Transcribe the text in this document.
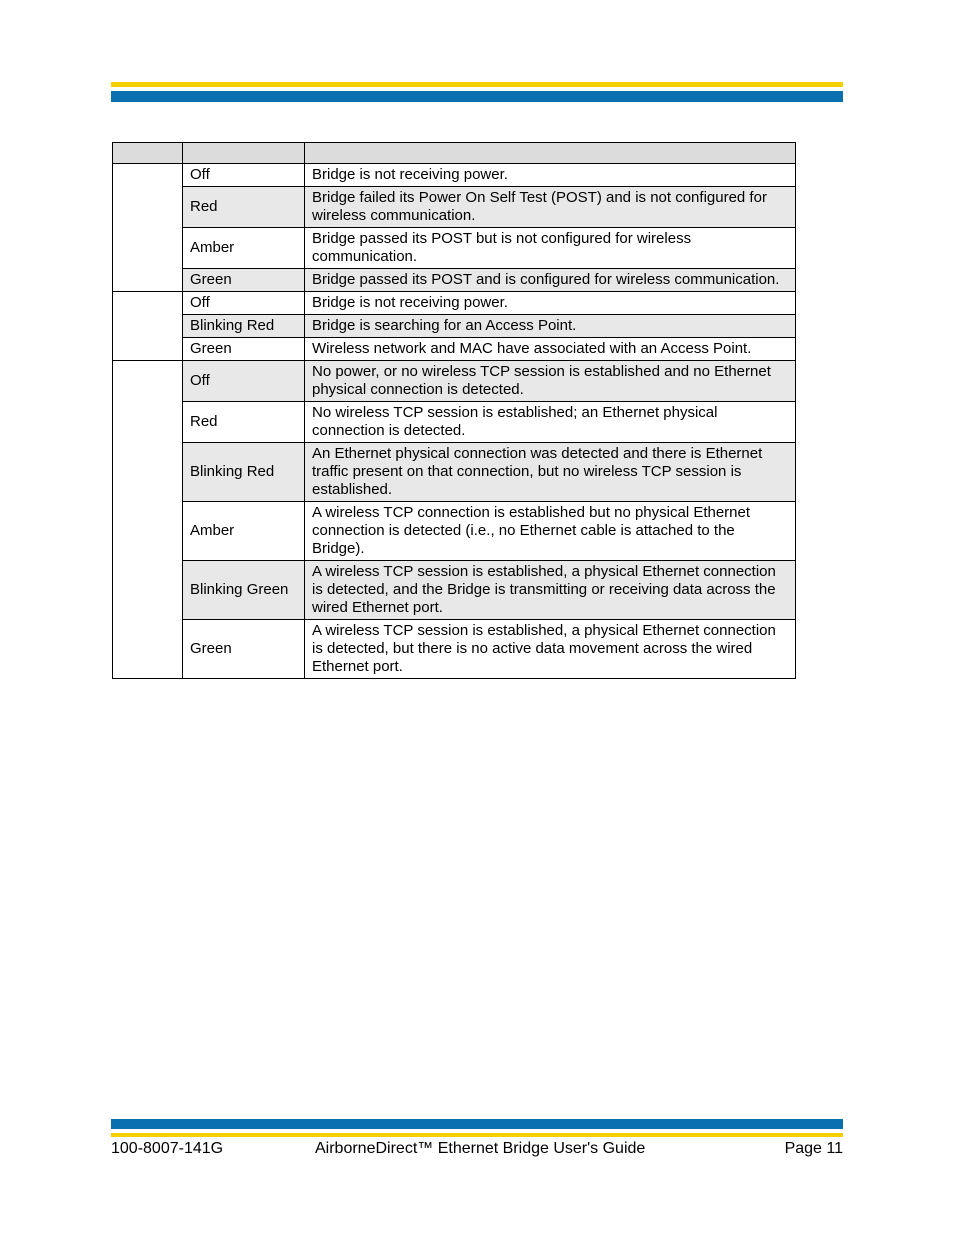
	Off	Bridge is not receiving power.
	Red	Bridge failed its Power On Self Test (POST) and is not configured for wireless communication.
	Amber	Bridge passed its POST but is not configured for wireless communication.
	Green	Bridge passed its POST and is configured for wireless communication.
	Off	Bridge is not receiving power.
	Blinking Red	Bridge is searching for an Access Point.
	Green	Wireless network and MAC have associated with an Access Point.
	Off	No power, or no wireless TCP session is established and no Ethernet physical connection is detected.
	Red	No wireless TCP session is established; an Ethernet physical connection is detected.
	Blinking Red	An Ethernet physical connection was detected and there is Ethernet traffic present on that connection, but no wireless TCP session is established.
	Amber	A wireless TCP connection is established but no physical Ethernet connection is detected (i.e., no Ethernet cable is attached to the Bridge).
	Blinking Green	A wireless TCP session is established, a physical Ethernet connection is detected, and the Bridge is transmitting or receiving data across the wired Ethernet port.
	Green	A wireless TCP session is established, a physical Ethernet connection is detected, but there is no active data movement across the wired Ethernet port.
100-8007-141G	AirborneDirect™ Ethernet Bridge User's Guide	Page 11
